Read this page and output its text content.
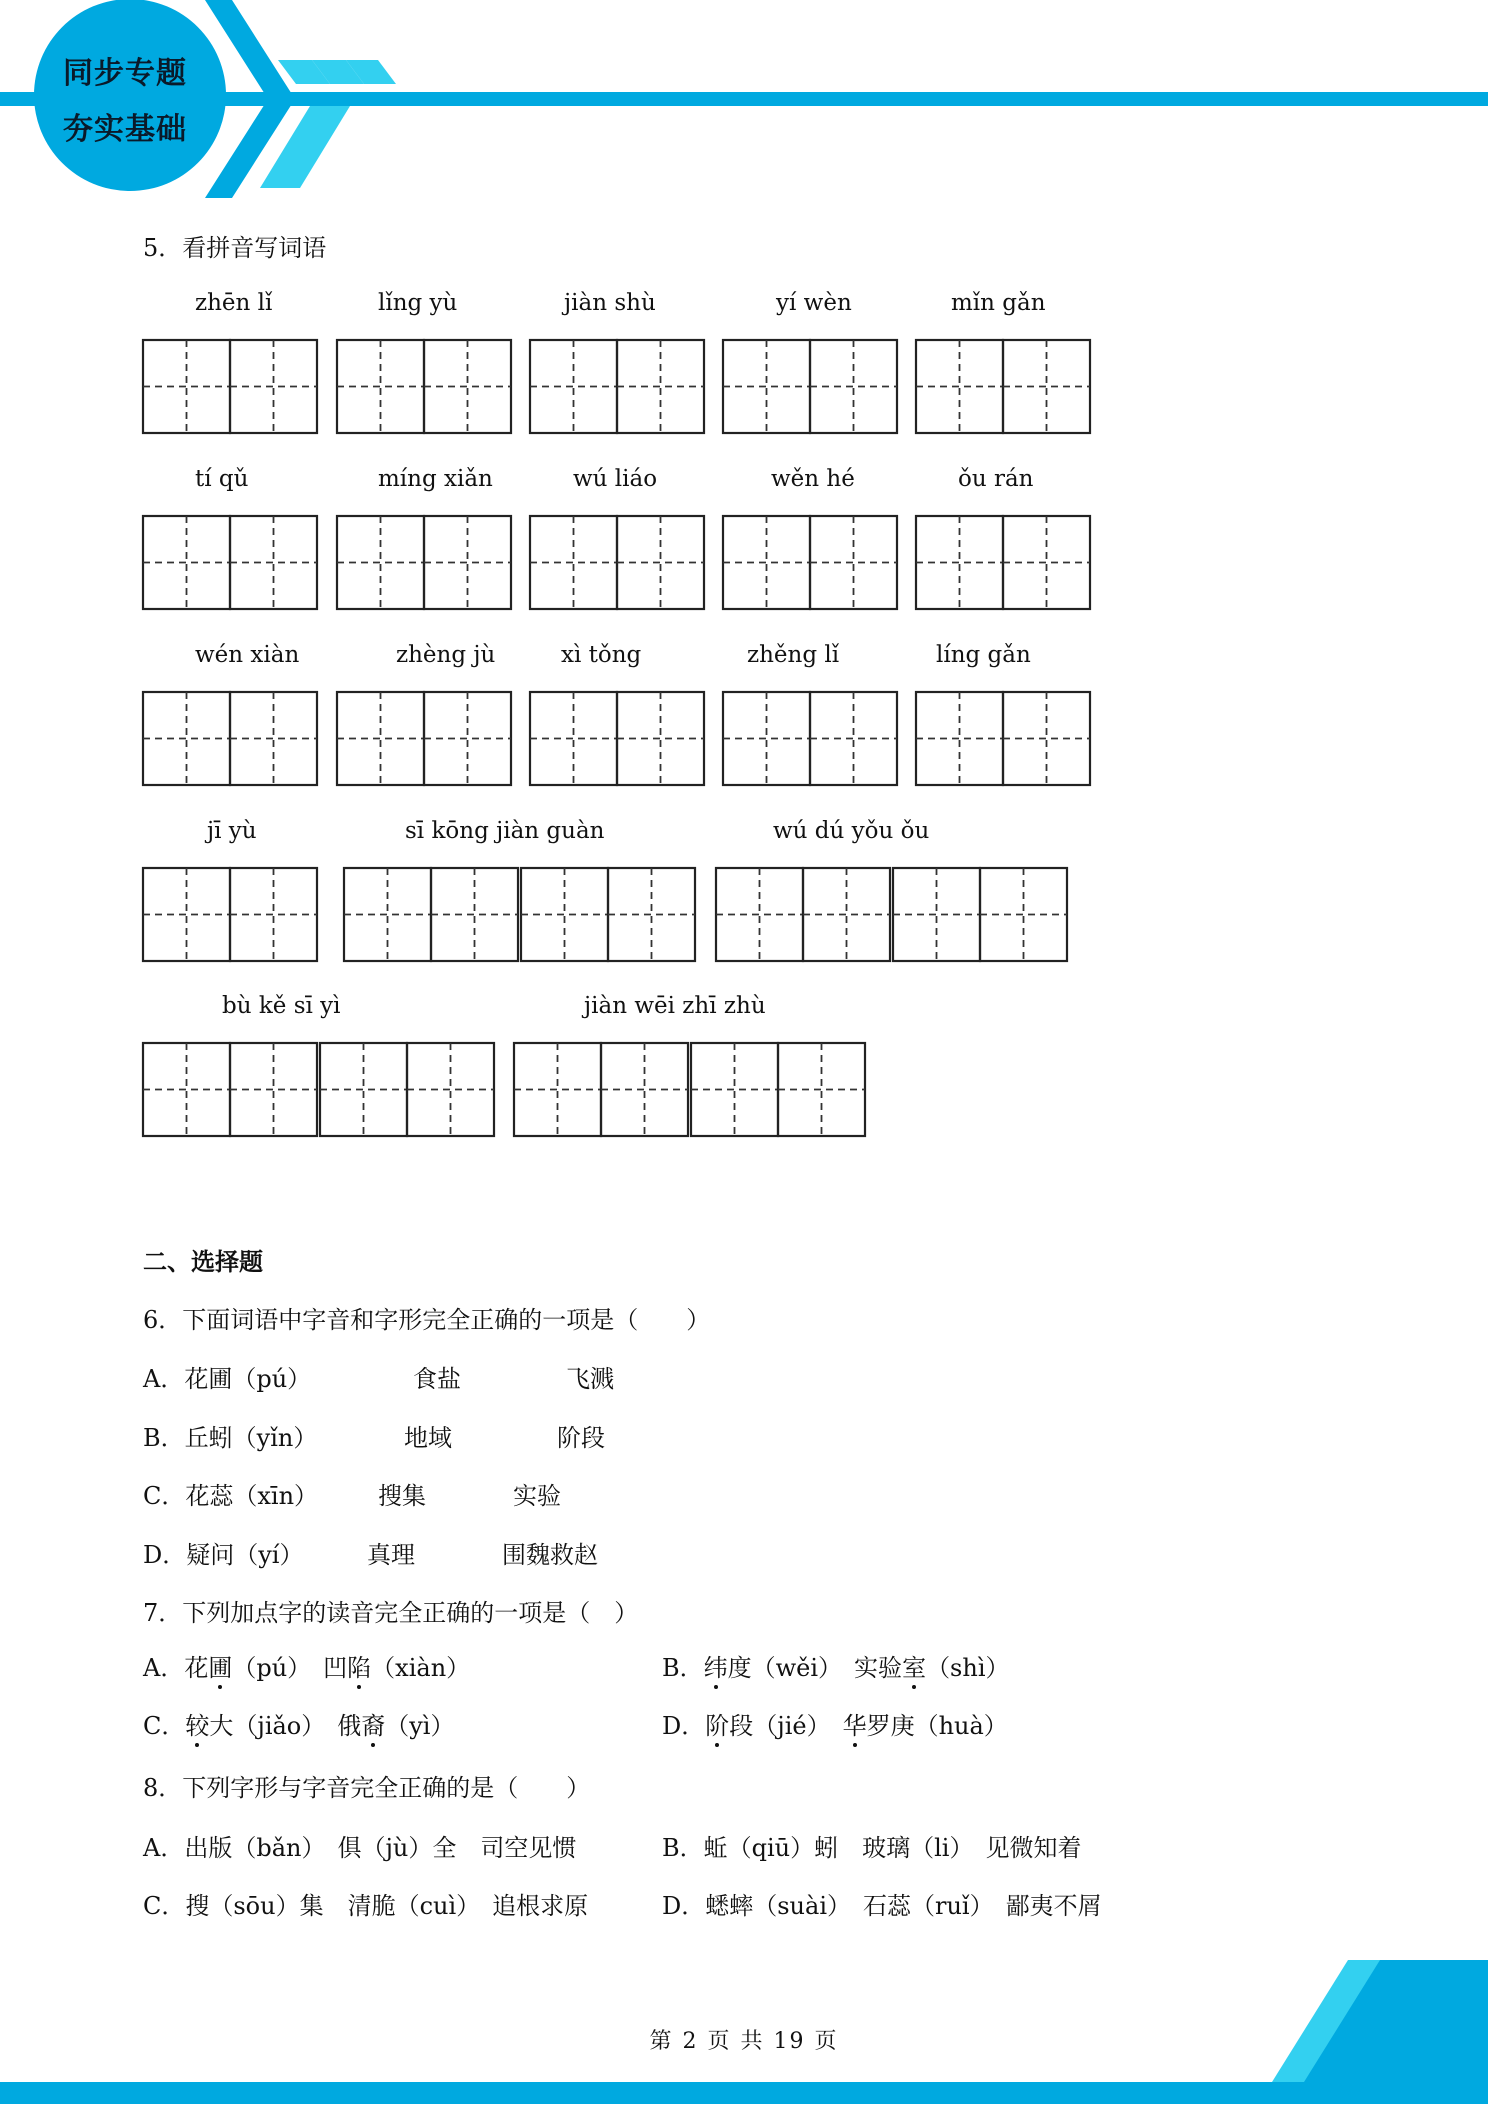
同步专题
夯实基础
5．看拼音写词语
zhēn lǐ	lǐng yù	jiàn shù	yí wèn	mǐn gǎn
tí qǔ	míng xiǎn	wú liáo	wěn hé	ǒu rán
wén xiàn	zhèng jù	xì tǒng	zhěng lǐ	líng gǎn
jī yù	sī kōng jiàn guàn	wú dú yǒu ǒu
bù kě sī yì	jiàn wēi zhī zhù
二、选择题
6．下面词语中字音和字形完全正确的一项是（　　）
A．花圃（pú）	食盐	飞溅
B．丘蚓（yǐn）	地域	阶段
C．花蕊（xīn） 搜集	实验
D．疑问（yí）	真理	围魏救赵
7．下列加点字的读音完全正确的一项是（　）
A．花圃（pú）　凹陷（xiàn）	B．纬度（wěi）　实验室（shì）
C．较大（jiǎo）　俄裔（yì）	D．阶段（jié）　华罗庚（huà）
8．下列字形与字音完全正确的是（　　）
A．出版（bǎn）　俱（jù）全　司空见惯	B．蚯（qiū）蚓　玻璃（li）　见微知着
C．搜（sōu）集　清脆（cuì）　追根求原	D．蟋蟀（suài）　石蕊（ruǐ）　鄙夷不屑
第 2 页 共 19 页
